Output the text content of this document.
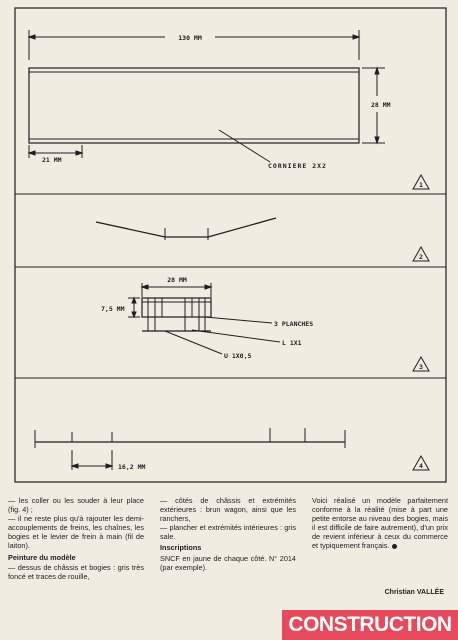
130 MM
28 MM
21 MM
CORNIERE 2X2
1
2
28 MM
7,5 MM
3 PLANCHES
L 1X1
U 1X0,5
3
16,2 MM	4

— les coller ou les souder à leur place (fig. 4) ;

— il ne reste plus qu'à rajouter les demi-accouplements de freins, les chaînes, les bogies et le levier de frein à main (fil de laiton).

Peinture du modèle

— dessus de châssis et bogies : gris très foncé et traces de rouille,

— côtés de châssis et extrémités extérieures : brun wagon, ainsi que les ranchers,

— plancher et extrémités intérieures : gris sale.

Inscriptions

SNCF en jaune de chaque côté. N° 2014 (par exemple).

Voici réalisé un modèle parfaitement conforme à la réalité (mise à part une petite entorse au niveau des bogies, mais il est difficile de faire autrement), d'un prix de revient inférieur à ceux du commerce et typiquement français.

Christian VALLÉE
CONSTRUCTION
